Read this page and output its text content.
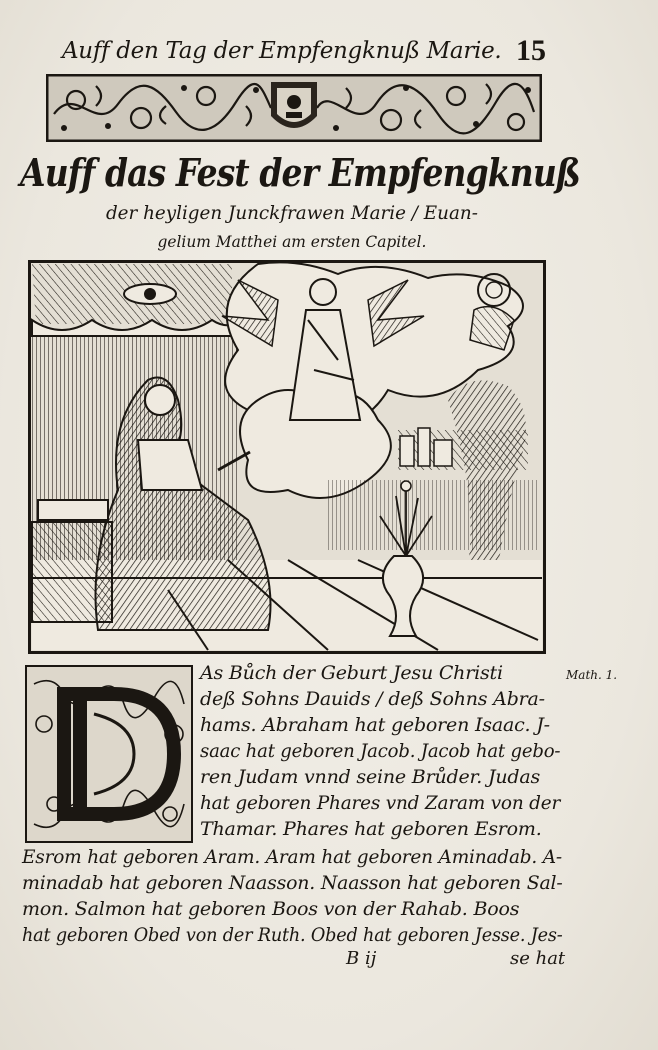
Auff den Tag der Empfengknuß Marie. 15
Auff das Fest der Empfengknuß
der heyligen Junckfrawen Marie / Euan-
gelium Matthei am ersten Capitel.
Math. 1.
As Bůch der Geburt Jesu Christi
deß Sohns Dauids / deß Sohns Abra-
hams. Abraham hat geboren Isaac. J-
saac hat geboren Jacob. Jacob hat gebo-
ren Judam vnnd seine Brůder. Judas
hat geboren Phares vnd Zaram von der
Thamar. Phares hat geboren Esrom.
Esrom hat geboren Aram. Aram hat geboren Aminadab. A-
minadab hat geboren Naasson. Naasson hat geboren Sal-
mon. Salmon hat geboren Boos von der Rahab. Boos
hat geboren Obed von der Ruth. Obed hat geboren Jesse. Jes-
B ij	se hat
